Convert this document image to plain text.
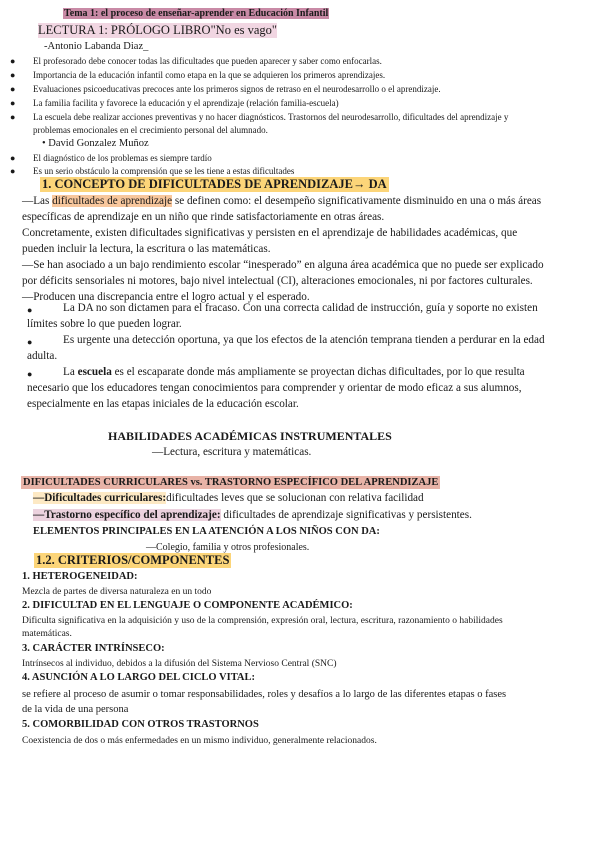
Tema 1: el proceso de enseñar-aprender en Educación Infantil
LECTURA 1: PRÓLOGO LIBRO"No es vago"
-Antonio Labanda Diaz_
● El profesorado debe conocer todas las dificultades que pueden aparecer y saber como enfocarlas.
● Importancia de la educación infantil como etapa en la que se adquieren los primeros aprendizajes.
● Evaluaciones psicoeducativas precoces ante los primeros signos de retraso en el neurodesarrollo o el aprendizaje.
● La familia facilita y favorece la educación y el aprendizaje (relación familia-escuela)
● La escuela debe realizar acciones preventivas y no hacer diagnósticos. Trastornos del neurodesarrollo, dificultades del aprendizaje y
problemas emocionales en el crecimiento personal del alumnado.
• David Gonzalez Muñoz
● El diagnóstico de los problemas es siempre tardío
● Es un serio obstáculo la comprensión que se les tiene a estas dificultades
1. CONCEPTO DE DIFICULTADES DE APRENDIZAJE→ DA
—Las dificultades de aprendizaje se definen como: el desempeño significativamente disminuido en una o más áreas
específicas de aprendizaje en un niño que rinde satisfactoriamente en otras áreas.
Concretamente, existen dificultades significativas y persisten en el aprendizaje de habilidades académicas, que
pueden incluir la lectura, la escritura o las matemáticas.
—Se han asociado a un bajo rendimiento escolar “inesperado” en alguna área académica que no puede ser explicado
por déficits sensoriales ni motores, bajo nivel intelectual (CI), alteraciones emocionales, ni por factores culturales.
—Producen una discrepancia entre el logro actual y el esperado.
●	La DA no son dictamen para el fracaso. Con una correcta calidad de instrucción, guía y soporte no existen
límites sobre lo que pueden lograr.
●	Es urgente una detección oportuna, ya que los efectos de la atención temprana tienden a perdurar en la edad
adulta.
●	La escuela es el escaparate donde más ampliamente se proyectan dichas dificultades, por lo que resulta
necesario que los educadores tengan conocimientos para comprender y orientar de modo eficaz a sus alumnos,
especialmente en las etapas iniciales de la educación escolar.
HABILIDADES ACADÉMICAS INSTRUMENTALES
—Lectura, escritura y matemáticas.
DIFICULTADES CURRICULARES vs. TRASTORNO ESPECÍFICO DEL APRENDIZAJE
—Dificultades curriculares:dificultades leves que se solucionan con relativa facilidad
—Trastorno específico del aprendizaje: dificultades de aprendizaje significativas y persistentes.
ELEMENTOS PRINCIPALES EN LA ATENCIÓN A LOS NIÑOS CON DA:
—Colegio, familia y otros profesionales.
1.2. CRITERIOS/COMPONENTES
1. HETEROGENEIDAD:
Mezcla de partes de diversa naturaleza en un todo
2. DIFICULTAD EN EL LENGUAJE O COMPONENTE ACADÉMICO:
Dificulta significativa en la adquisición y uso de la comprensión, expresión oral, lectura, escritura, razonamiento o habilidades
matemáticas.
3. CARÁCTER INTRÍNSECO:
Intrínsecos al individuo, debidos a la difusión del Sistema Nervioso Central (SNC)
4. ASUNCIÓN A LO LARGO DEL CICLO VITAL:
se refiere al proceso de asumir o tomar responsabilidades, roles y desafíos a lo largo de las diferentes etapas o fases
de la vida de una persona
5. COMORBILIDAD CON OTROS TRASTORNOS
Coexistencia de dos o más enfermedades en un mismo individuo, generalmente relacionados.
